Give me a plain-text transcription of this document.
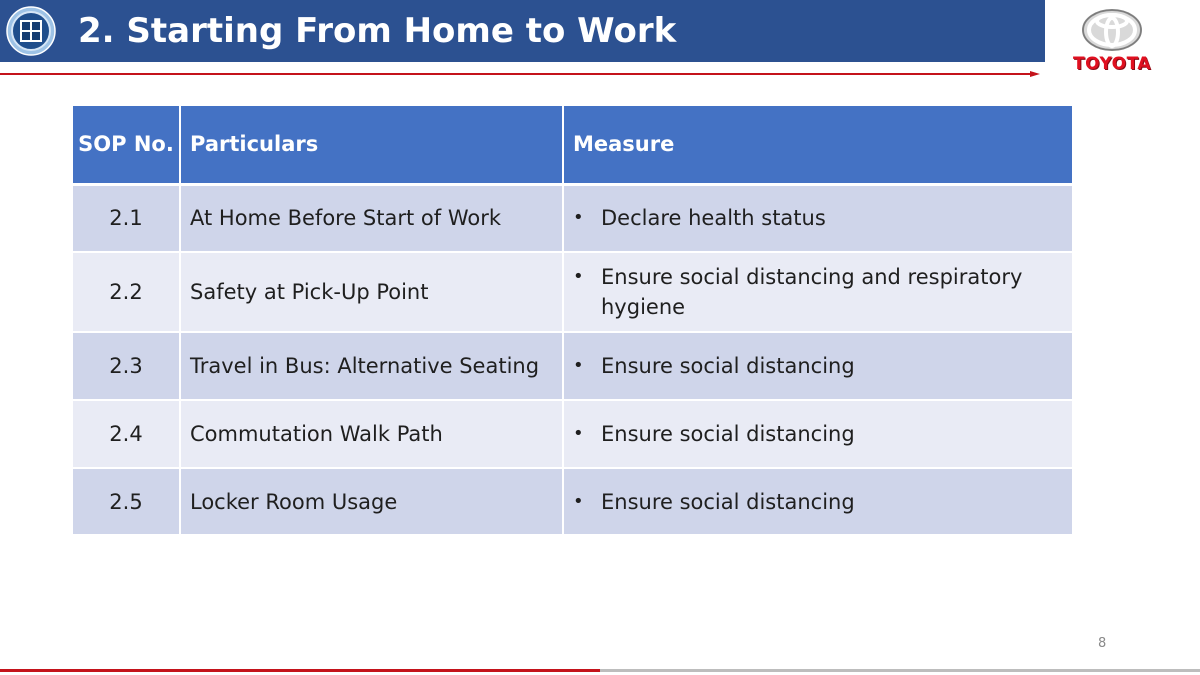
2. Starting From Home to Work
TOYOTA
SOP No.	Particulars	Measure
2.1	At Home Before Start of Work	• Declare health status

2.2	Safety at Pick-Up Point	• Ensure social distancing and respiratory hygiene

2.3	Travel in Bus: Alternative Seating	• Ensure social distancing

2.4	Commutation Walk Path	• Ensure social distancing

2.5	Locker Room Usage	• Ensure social distancing
8
